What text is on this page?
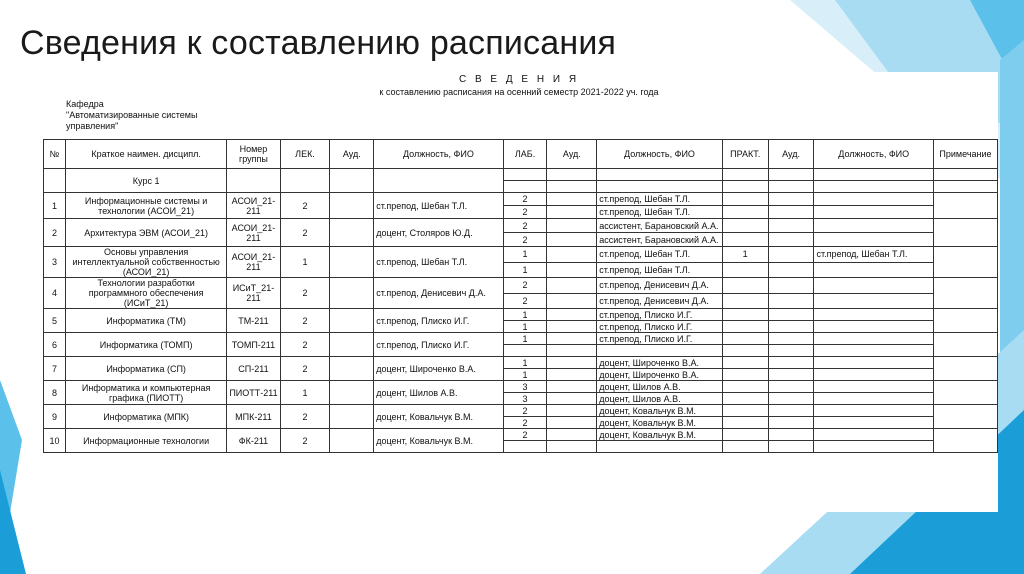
Сведения к составлению расписания
С В Е Д Е Н И Я
к составлению расписания на осенний семестр 2021-2022 уч. года
Кафедра
"Автоматизированные системы
управления"
№	Краткое наимен. дисципл.	Номер группы	ЛЕК.	Ауд.	Должность, ФИО	ЛАБ.	Ауд.	Должность, ФИО	ПРАКТ.	Ауд.	Должность, ФИО	Примечание
	Курс 1											

1	Информационные системы и технологии (АСОИ_21)	АСОИ_21-211	2		ст.препод, Шебан Т.Л.	2		ст.препод, Шебан Т.Л.				
						2		ст.препод, Шебан Т.Л.				
2	Архитектура ЭВМ (АСОИ_21)	АСОИ_21-211	2		доцент, Столяров Ю.Д.	2		ассистент, Барановский А.А.				
						2		ассистент, Барановский А.А.				
3	Основы управления интеллектуальной собственностью (АСОИ_21)	АСОИ_21-211	1		ст.препод, Шебан Т.Л.	1		ст.препод, Шебан Т.Л.	1		ст.препод, Шебан Т.Л.	
						1		ст.препод, Шебан Т.Л.				
4	Технологии разработки программного обеспечения (ИСиТ_21)	ИСиТ_21-211	2		ст.препод, Денисевич Д.А.	2		ст.препод, Денисевич Д.А.				
						2		ст.препод, Денисевич Д.А.				
5	Информатика (ТМ)	ТМ-211	2		ст.препод, Плиско И.Г.	1		ст.препод, Плиско И.Г.				
						1		ст.препод, Плиско И.Г.				
6	Информатика (ТОМП)	ТОМП-211	2		ст.препод, Плиско И.Г.	1		ст.препод, Плиско И.Г.				

7	Информатика (СП)	СП-211	2		доцент, Широченко В.А.	1		доцент, Широченко В.А.				
						1		доцент, Широченко В.А.				
8	Информатика и компьютерная графика (ПИОТТ)	ПИОТТ-211	1		доцент, Шилов А.В.	3		доцент, Шилов А.В.				
						3		доцент, Шилов А.В.				
9	Информатика (МПК)	МПК-211	2		доцент, Ковальчук В.М.	2		доцент, Ковальчук В.М.				
						2		доцент, Ковальчук В.М.				
10	Информационные технологии	ФК-211	2		доцент, Ковальчук В.М.	2		доцент, Ковальчук В.М.				
